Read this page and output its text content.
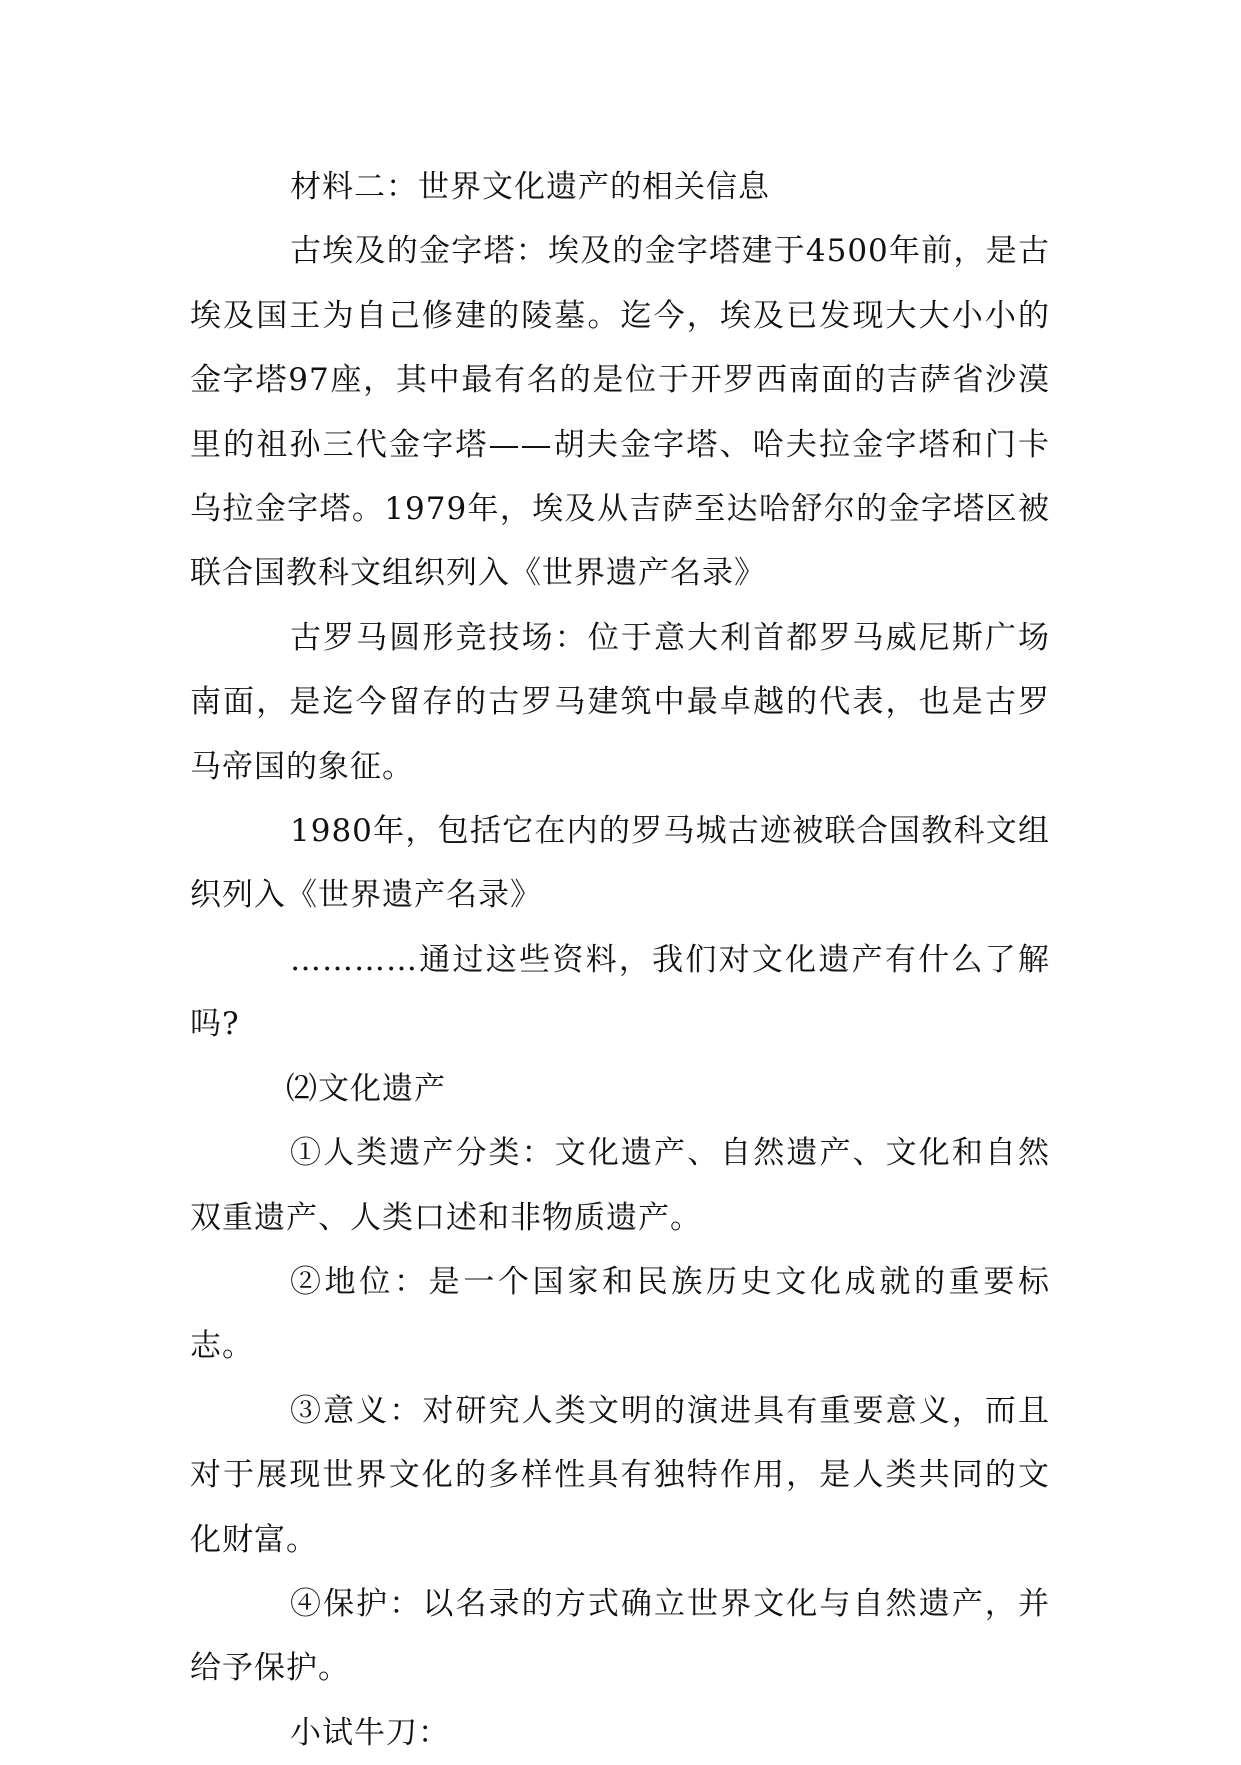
材料二：世界文化遗产的相关信息

古埃及的金字塔：埃及的金字塔建于4500年前，是古埃及国王为自己修建的陵墓。迄今，埃及已发现大大小小的金字塔97座，其中最有名的是位于开罗西南面的吉萨省沙漠里的祖孙三代金字塔——胡夫金字塔、哈夫拉金字塔和门卡乌拉金字塔。1979年，埃及从吉萨至达哈舒尔的金字塔区被联合国教科文组织列入《世界遗产名录》

古罗马圆形竞技场：位于意大利首都罗马威尼斯广场南面，是迄今留存的古罗马建筑中最卓越的代表，也是古罗马帝国的象征。

1980年，包括它在内的罗马城古迹被联合国教科文组织列入《世界遗产名录》

…………通过这些资料，我们对文化遗产有什么了解吗?

⑵文化遗产

①人类遗产分类：文化遗产、自然遗产、文化和自然双重遗产、人类口述和非物质遗产。

②地位：是一个国家和民族历史文化成就的重要标志。

③意义：对研究人类文明的演进具有重要意义，而且对于展现世界文化的多样性具有独特作用，是人类共同的文化财富。

④保护：以名录的方式确立世界文化与自然遗产，并给予保护。

小试牛刀：
